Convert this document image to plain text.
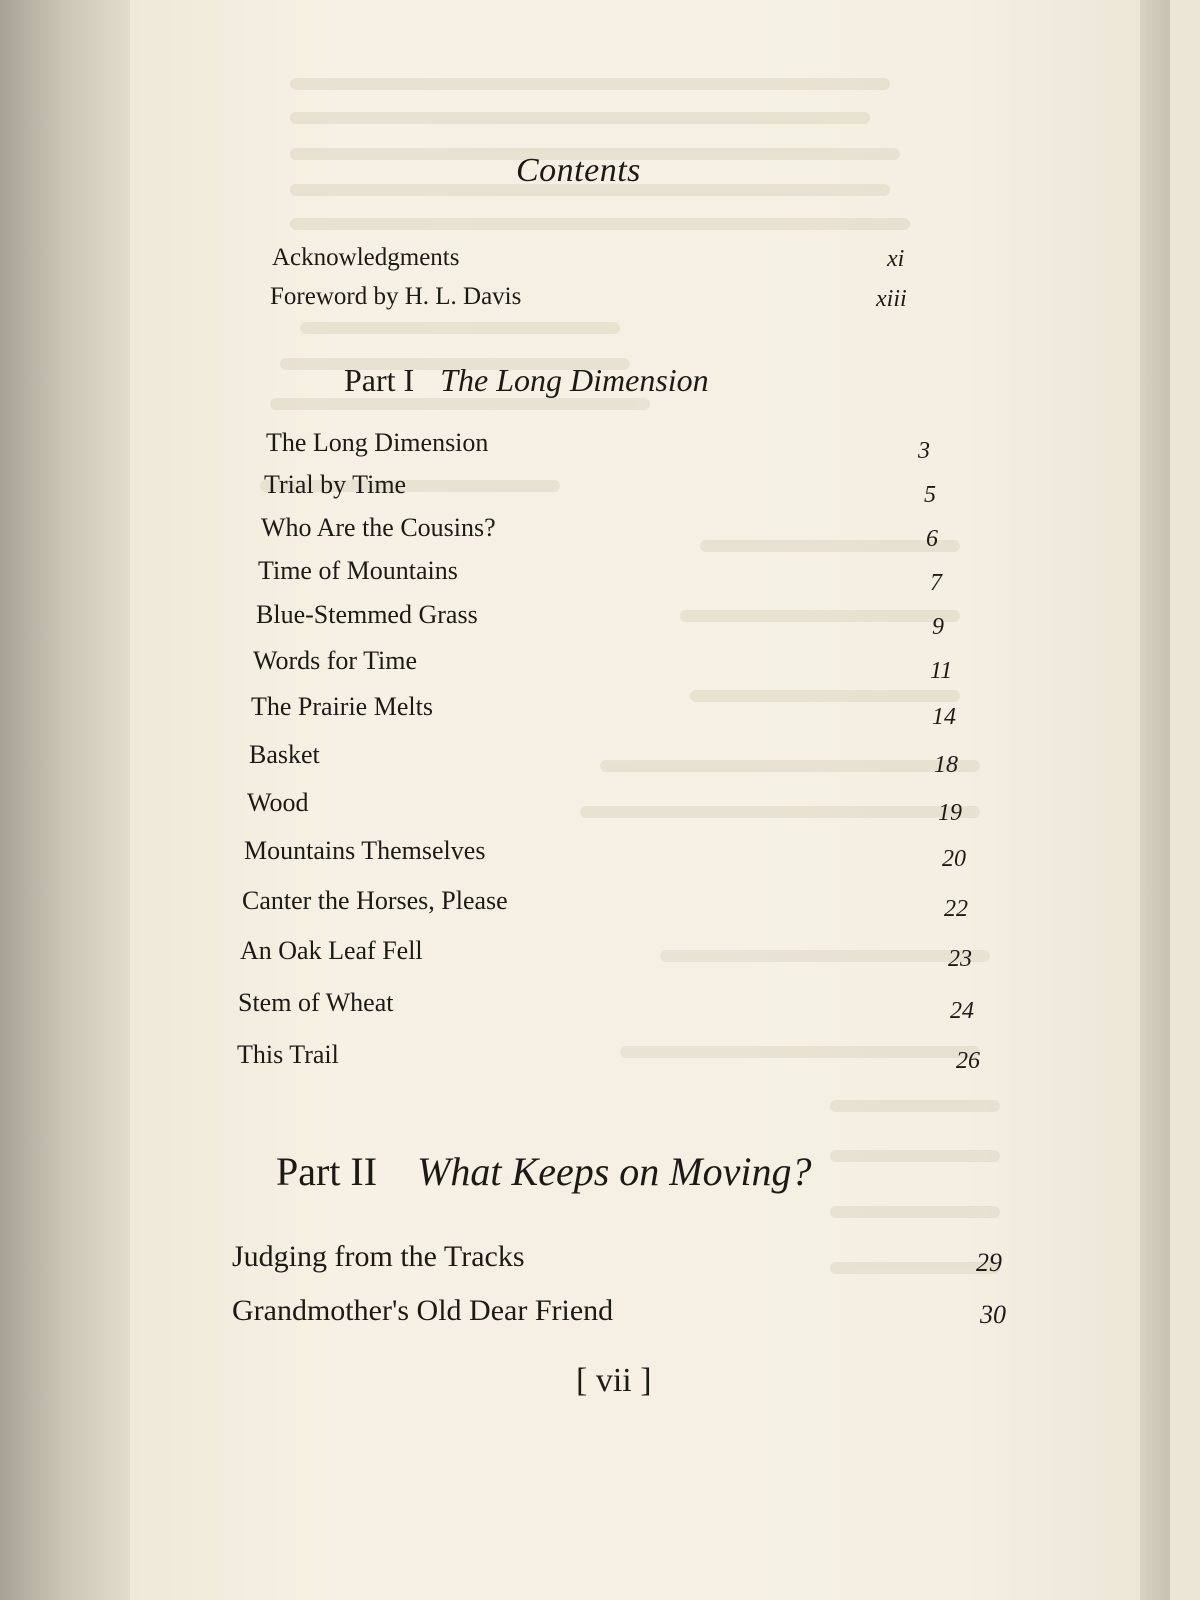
Contents
Acknowledgments	xi
Foreword by H. L. Davis	xiii
Part I The Long Dimension
The Long Dimension	3
Trial by Time	5
Who Are the Cousins?	6
Time of Mountains	7
Blue-Stemmed Grass	9
Words for Time	11
The Prairie Melts	14
Basket	18
Wood	19
Mountains Themselves	20
Canter the Horses, Please	22
An Oak Leaf Fell	23
Stem of Wheat	24
This Trail	26
Part II What Keeps on Moving?
Judging from the Tracks	29
Grandmother's Old Dear Friend	30
[ vii ]
